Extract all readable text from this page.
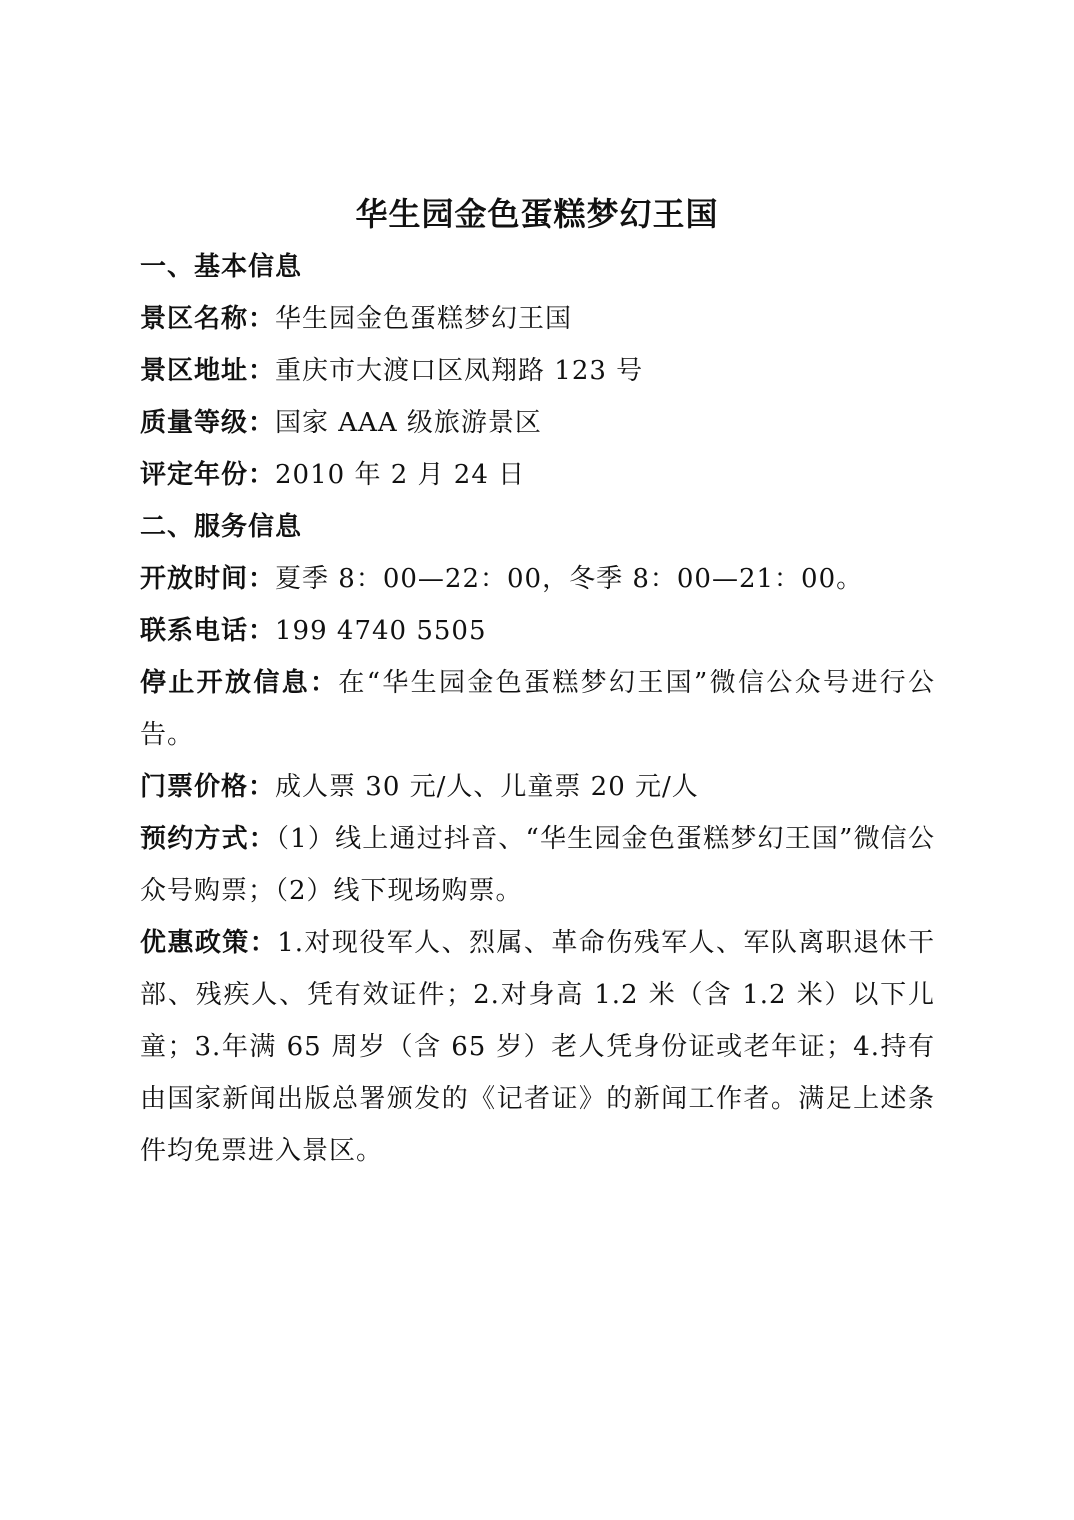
华生园金色蛋糕梦幻王国

一、基本信息

景区名称：华生园金色蛋糕梦幻王国

景区地址：重庆市大渡口区凤翔路 123 号

质量等级：国家 AAA 级旅游景区

评定年份：2010 年 2 月 24 日

二、服务信息

开放时间：夏季 8：00—22：00，冬季 8：00—21：00。

联系电话：199 4740 5505

停止开放信息：在“华生园金色蛋糕梦幻王国”微信公众号进行公告。

门票价格：成人票 30 元/人、儿童票 20 元/人

预约方式：（1）线上通过抖音、“华生园金色蛋糕梦幻王国”微信公众号购票；（2）线下现场购票。

优惠政策：1.对现役军人、烈属、革命伤残军人、军队离职退休干部、残疾人、凭有效证件；2.对身高 1.2 米（含 1.2 米）以下儿童；3.年满 65 周岁（含 65 岁）老人凭身份证或老年证；4.持有由国家新闻出版总署颁发的《记者证》的新闻工作者。满足上述条件均免票进入景区。
